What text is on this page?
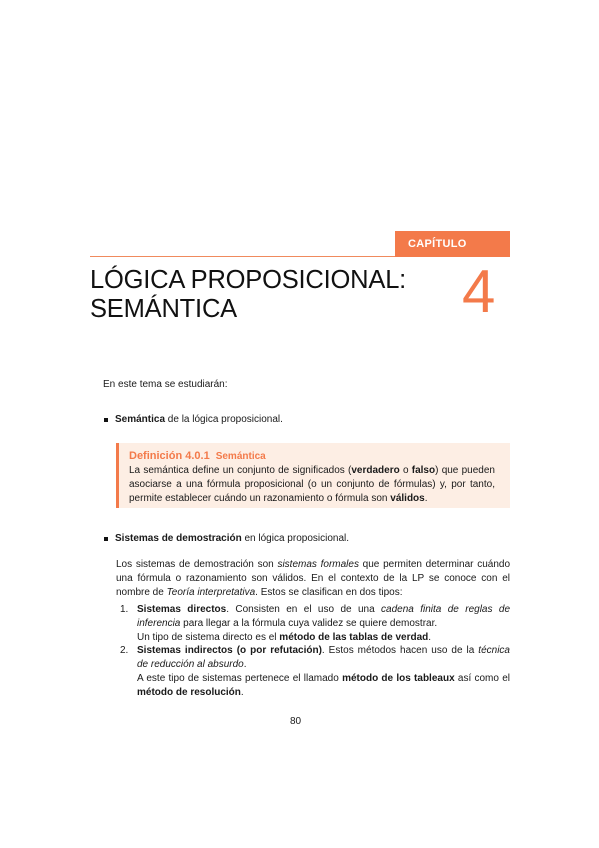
CAPÍTULO
4
LÓGICA PROPOSICIONAL:
SEMÁNTICA
En este tema se estudiarán:
Semántica de la lógica proposicional.
Definición 4.0.1 Semántica
La semántica define un conjunto de significados (verdadero o falso) que pueden asociarse a una fórmula proposicional (o un conjunto de fórmulas) y, por tanto, permite establecer cuándo un razonamiento o fórmula son válidos.
Sistemas de demostración en lógica proposicional.
Los sistemas de demostración son sistemas formales que permiten determinar cuándo una fórmula o razonamiento son válidos. En el contexto de la LP se conoce con el nombre de Teoría interpretativa. Estos se clasifican en dos tipos:
1. Sistemas directos. Consisten en el uso de una cadena finita de reglas de inferencia para llegar a la fórmula cuya validez se quiere demostrar.
Un tipo de sistema directo es el método de las tablas de verdad.
2. Sistemas indirectos (o por refutación). Estos métodos hacen uso de la técnica de reducción al absurdo.
A este tipo de sistemas pertenece el llamado método de los tableaux así como el método de resolución.
80
